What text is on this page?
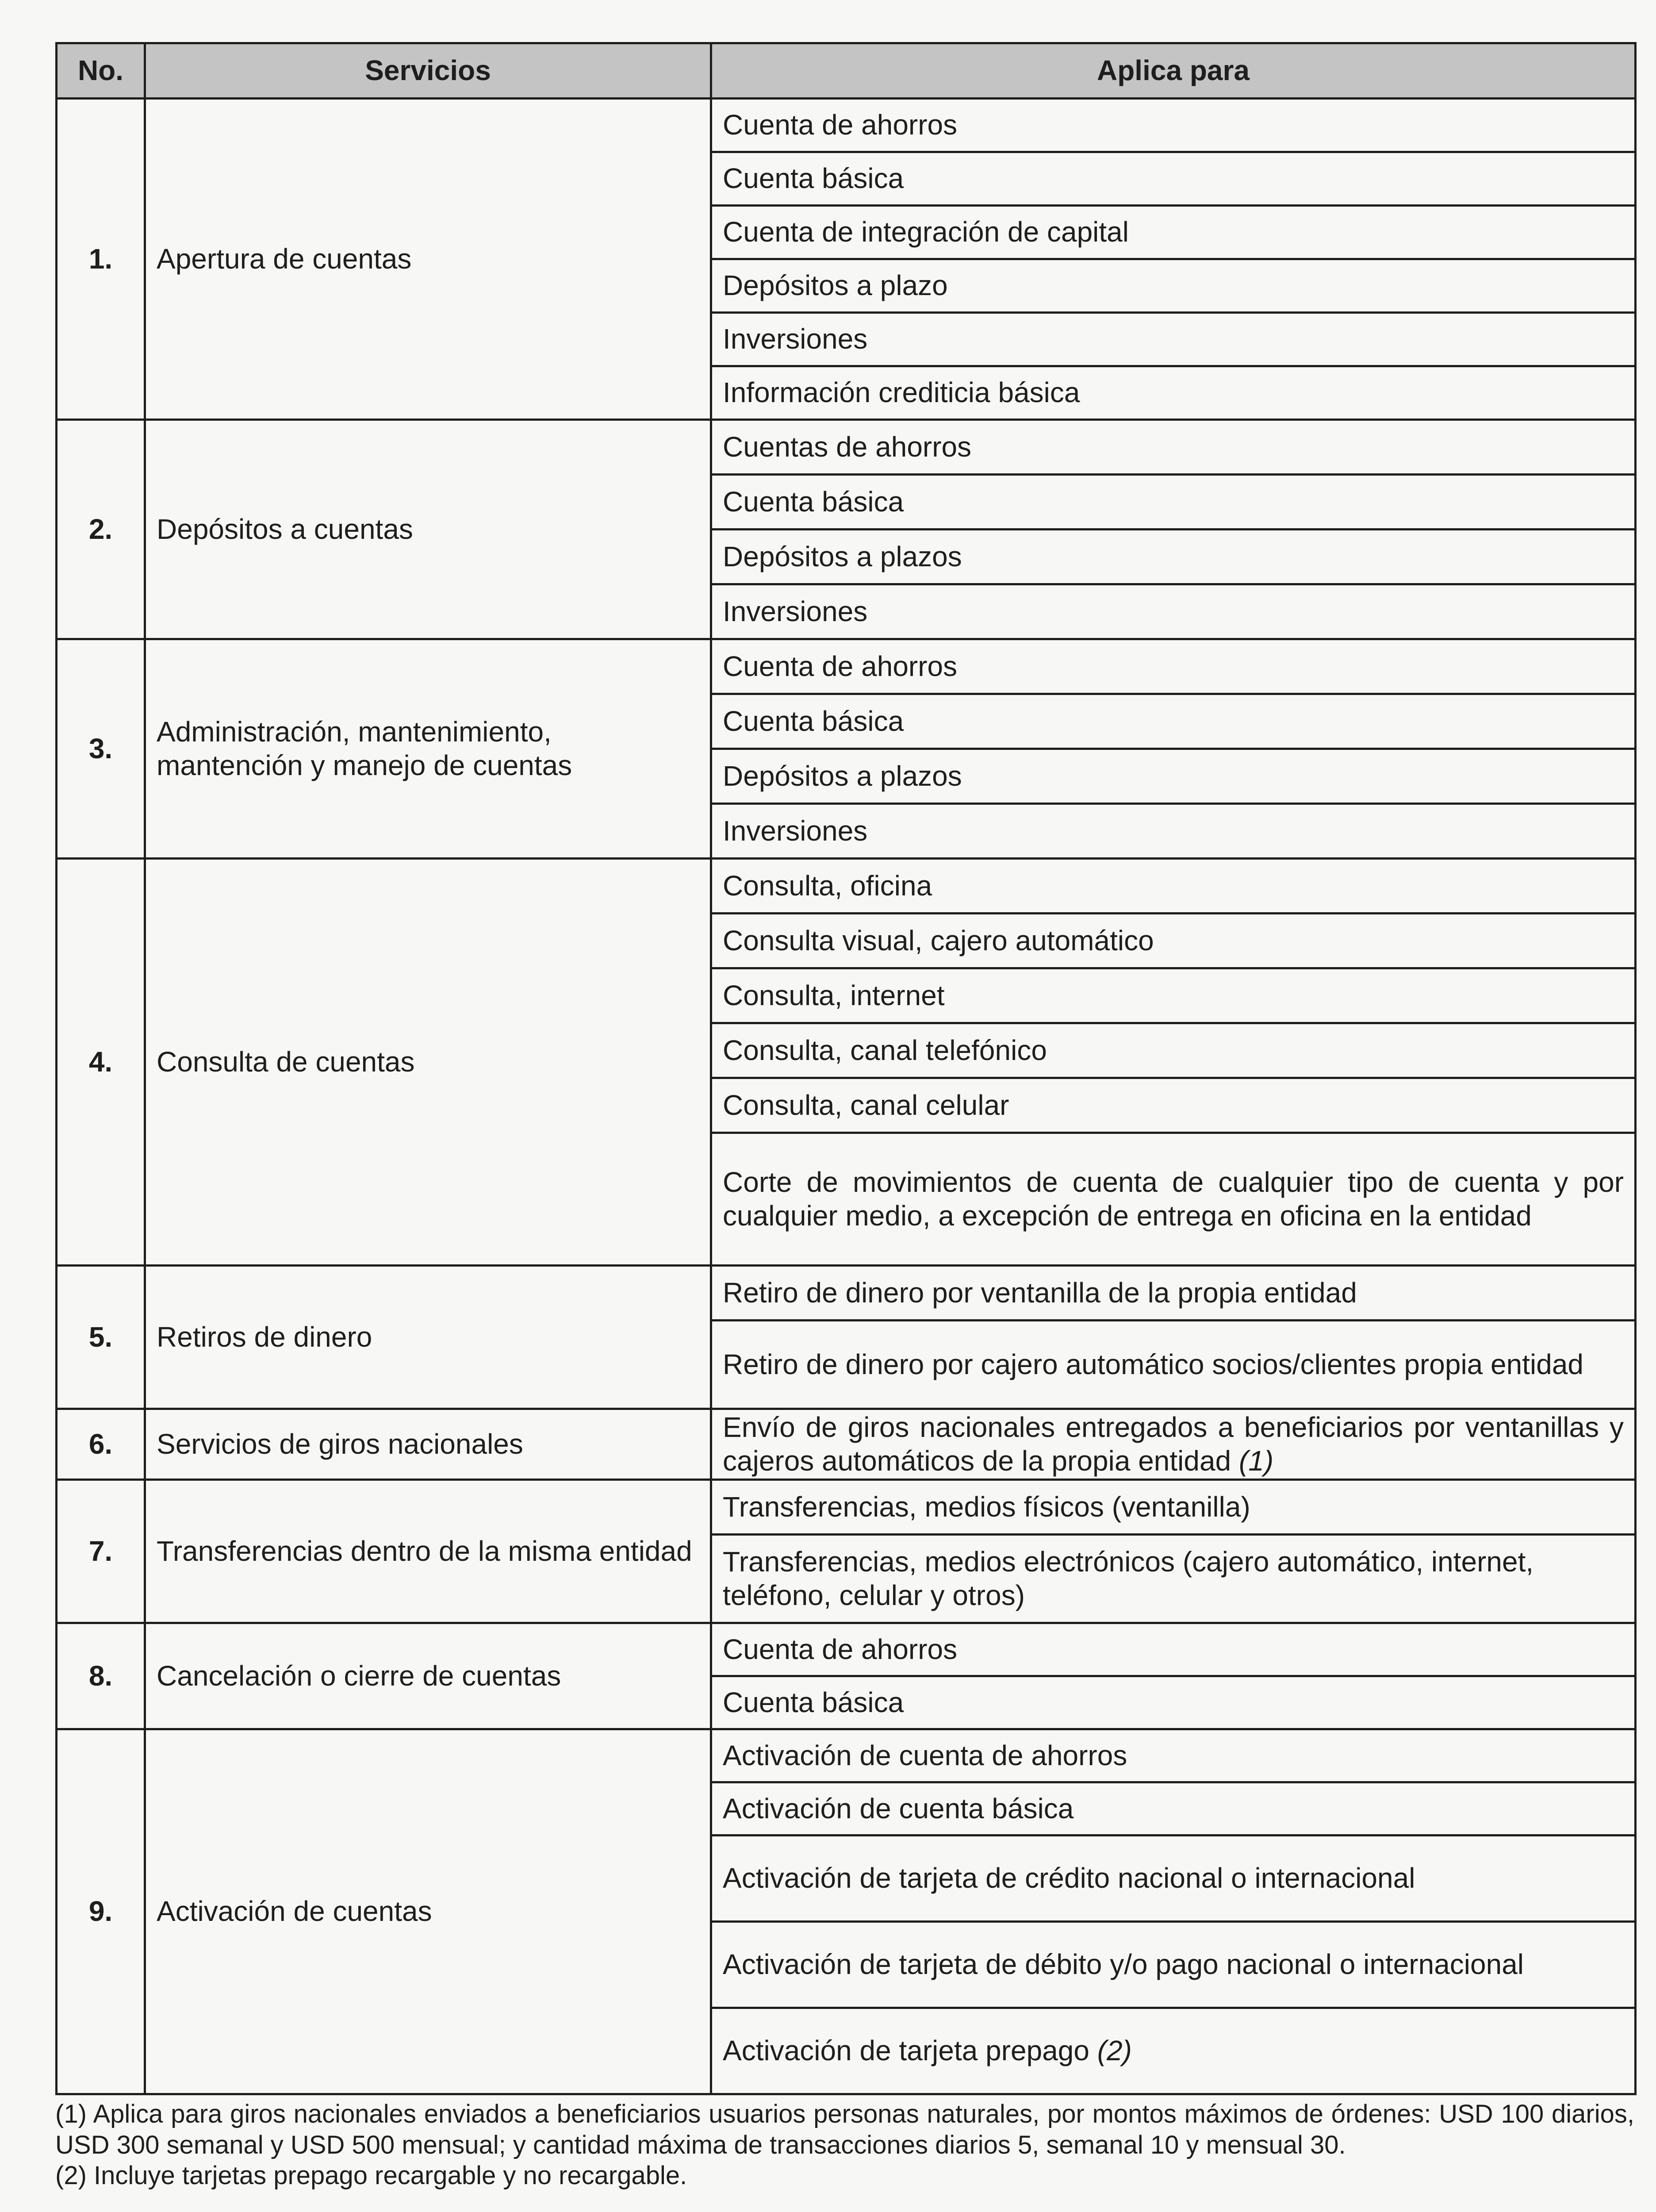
No.	Servicios	Aplica para
1.	Apertura de cuentas	Cuenta de ahorros
		Cuenta básica
		Cuenta de integración de capital
		Depósitos a plazo
		Inversiones
		Información crediticia básica
2.	Depósitos a cuentas	Cuentas de ahorros
		Cuenta básica
		Depósitos a plazos
		Inversiones
3.	Administración, mantenimiento, mantención y manejo de cuentas	Cuenta de ahorros
		Cuenta básica
		Depósitos a plazos
		Inversiones
4.	Consulta de cuentas	Consulta, oficina
		Consulta visual, cajero automático
		Consulta, internet
		Consulta, canal telefónico
		Consulta, canal celular
		Corte de movimientos de cuenta de cualquier tipo de cuenta y por cualquier medio, a excepción de entrega en oficina en la entidad
5.	Retiros de dinero	Retiro de dinero por ventanilla de la propia entidad
		Retiro de dinero por cajero automático socios/clientes propia entidad
6.	Servicios de giros nacionales	Envío de giros nacionales entregados a beneficiarios por ventanillas y cajeros automáticos de la propia entidad (1)
7.	Transferencias dentro de la misma entidad	Transferencias, medios físicos (ventanilla)
		Transferencias, medios electrónicos (cajero automático, internet, teléfono, celular y otros)
8.	Cancelación o cierre de cuentas	Cuenta de ahorros
		Cuenta básica
9.	Activación de cuentas	Activación de cuenta de ahorros
		Activación de cuenta básica
		Activación de tarjeta de crédito nacional o internacional
		Activación de tarjeta de débito y/o pago nacional o internacional
		Activación de tarjeta prepago (2)

(1) Aplica para giros nacionales enviados a beneficiarios usuarios personas naturales, por montos máximos de órdenes: USD 100 diarios, USD 300 semanal y USD 500 mensual; y cantidad máxima de transacciones diarios 5, semanal 10 y mensual 30.

(2) Incluye tarjetas prepago recargable y no recargable.
